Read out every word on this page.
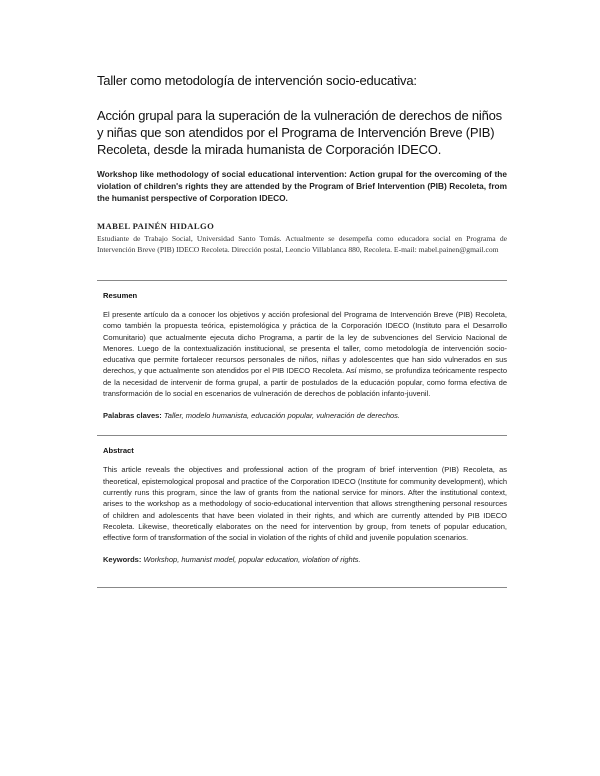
Taller como metodología de intervención socio-educativa:
Acción grupal para la superación de la vulneración de derechos de niños y niñas que son atendidos por el Programa de Intervención Breve (PIB) Recoleta, desde la mirada humanista de Corporación IDECO.

Workshop like methodology of social educational intervention: Action grupal for the overcoming of the violation of children's rights they are attended by the Program of Brief Intervention (PIB) Recoleta, from the humanist perspective of Corporation IDECO.

MABEL PAINÉN HIDALGO
Estudiante de Trabajo Social, Universidad Santo Tomás. Actualmente se desempeña como educadora social en Programa de Intervención Breve (PIB) IDECO Recoleta. Dirección postal, Leoncio Villablanca 880, Recoleta. E-mail: mabel.painen@gmail.com
Resumen
El presente artículo da a conocer los objetivos y acción profesional del Programa de Intervención Breve (PIB) Recoleta, como también la propuesta teórica, epistemológica y práctica de la Corporación IDECO (Instituto para el Desarrollo Comunitario) que actualmente ejecuta dicho Programa, a partir de la ley de subvenciones del Servicio Nacional de Menores. Luego de la contextualización institucional, se presenta el taller, como metodología de intervención socio-educativa que permite fortalecer recursos personales de niños, niñas y adolescentes que han sido vulnerados en sus derechos, y que actualmente son atendidos por el PIB IDECO Recoleta. Así mismo, se profundiza teóricamente respecto de la necesidad de intervenir de forma grupal, a partir de postulados de la educación popular, como forma efectiva de transformación de lo social en escenarios de vulneración de derechos de población infanto-juvenil.
Palabras claves: Taller, modelo humanista, educación popular, vulneración de derechos.
Abstract
This article reveals the objectives and professional action of the program of brief intervention (PIB) Recoleta, as theoretical, epistemological proposal and practice of the Corporation IDECO (Institute for community development), which currently runs this program, since the law of grants from the national service for minors. After the institutional context, arises to the workshop as a methodology of socio-educational intervention that allows strengthening personal resources of children and adolescents that have been violated in their rights, and which are currently attended by PIB IDECO Recoleta. Likewise, theoretically elaborates on the need for intervention by group, from tenets of popular education, effective form of transformation of the social in violation of the rights of child and juvenile population scenarios.
Keywords: Workshop, humanist model, popular education, violation of rights.
